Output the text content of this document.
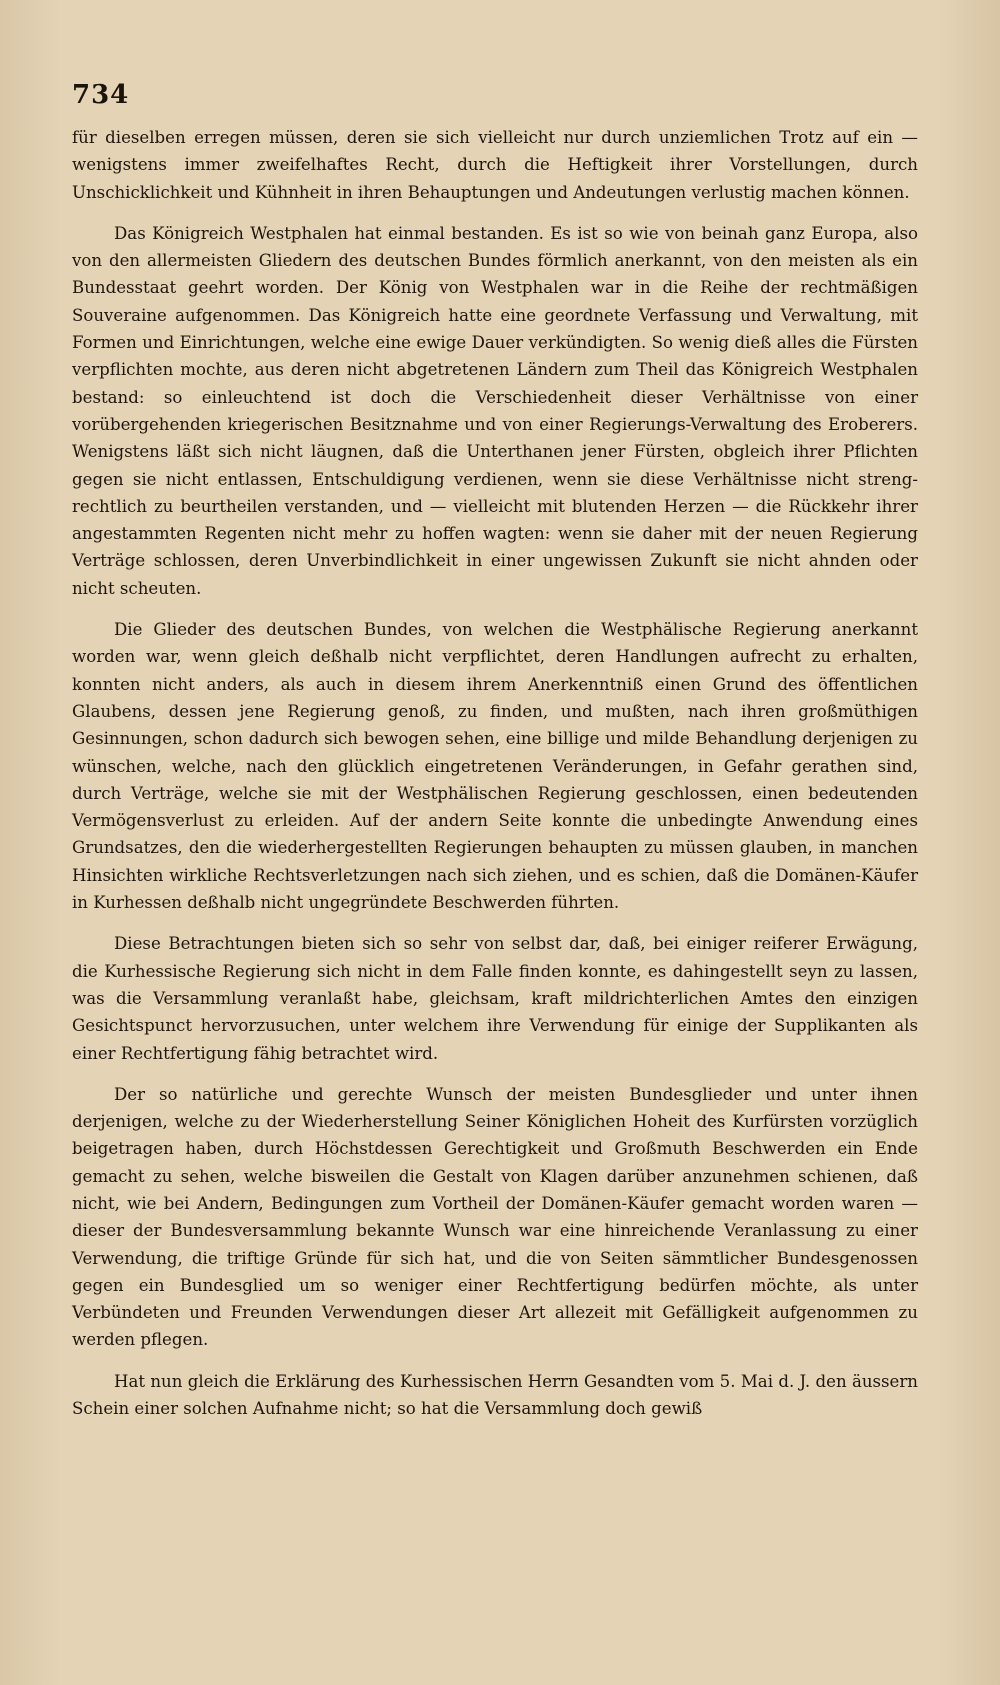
734

für dieselben erregen müssen, deren sie sich vielleicht nur durch unziemlichen Trotz auf ein — wenigstens immer zweifelhaftes Recht, durch die Heftigkeit ihrer Vorstellungen, durch Unschicklichkeit und Kühnheit in ihren Behauptungen und Andeutungen verlustig machen können.

Das Königreich Westphalen hat einmal bestanden. Es ist so wie von beinah ganz Europa, also von den allermeisten Gliedern des deutschen Bundes förmlich anerkannt, von den meisten als ein Bundesstaat geehrt worden. Der König von Westphalen war in die Reihe der rechtmäßigen Souveraine aufgenommen. Das Königreich hatte eine geordnete Verfassung und Verwaltung, mit Formen und Einrichtungen, welche eine ewige Dauer verkündigten. So wenig dieß alles die Fürsten verpflichten mochte, aus deren nicht abgetretenen Ländern zum Theil das Königreich Westphalen bestand: so einleuchtend ist doch die Verschiedenheit dieser Verhältnisse von einer vorübergehenden kriegerischen Besitznahme und von einer Regierungs-Verwaltung des Eroberers. Wenigstens läßt sich nicht läugnen, daß die Unterthanen jener Fürsten, obgleich ihrer Pflichten gegen sie nicht entlassen, Entschuldigung verdienen, wenn sie diese Verhältnisse nicht streng-rechtlich zu beurtheilen verstanden, und — vielleicht mit blutenden Herzen — die Rückkehr ihrer angestammten Regenten nicht mehr zu hoffen wagten: wenn sie daher mit der neuen Regierung Verträge schlossen, deren Unverbindlichkeit in einer ungewissen Zukunft sie nicht ahnden oder nicht scheuten.

Die Glieder des deutschen Bundes, von welchen die Westphälische Regierung anerkannt worden war, wenn gleich deßhalb nicht verpflichtet, deren Handlungen aufrecht zu erhalten, konnten nicht anders, als auch in diesem ihrem Anerkenntniß einen Grund des öffentlichen Glaubens, dessen jene Regierung genoß, zu finden, und mußten, nach ihren großmüthigen Gesinnungen, schon dadurch sich bewogen sehen, eine billige und milde Behandlung derjenigen zu wünschen, welche, nach den glücklich eingetretenen Veränderungen, in Gefahr gerathen sind, durch Verträge, welche sie mit der Westphälischen Regierung geschlossen, einen bedeutenden Vermögensverlust zu erleiden. Auf der andern Seite konnte die unbedingte Anwendung eines Grundsatzes, den die wiederhergestellten Regierungen behaupten zu müssen glauben, in manchen Hinsichten wirkliche Rechtsverletzungen nach sich ziehen, und es schien, daß die Domänen-Käufer in Kurhessen deßhalb nicht ungegründete Beschwerden führten.

Diese Betrachtungen bieten sich so sehr von selbst dar, daß, bei einiger reiferer Erwägung, die Kurhessische Regierung sich nicht in dem Falle finden konnte, es dahingestellt seyn zu lassen, was die Versammlung veranlaßt habe, gleichsam, kraft mildrichterlichen Amtes den einzigen Gesichtspunct hervorzusuchen, unter welchem ihre Verwendung für einige der Supplikanten als einer Rechtfertigung fähig betrachtet wird.

Der so natürliche und gerechte Wunsch der meisten Bundesglieder und unter ihnen derjenigen, welche zu der Wiederherstellung Seiner Königlichen Hoheit des Kurfürsten vorzüglich beigetragen haben, durch Höchstdessen Gerechtigkeit und Großmuth Beschwerden ein Ende gemacht zu sehen, welche bisweilen die Gestalt von Klagen darüber anzunehmen schienen, daß nicht, wie bei Andern, Bedingungen zum Vortheil der Domänen-Käufer gemacht worden waren — dieser der Bundesversammlung bekannte Wunsch war eine hinreichende Veranlassung zu einer Verwendung, die triftige Gründe für sich hat, und die von Seiten sämmtlicher Bundesgenossen gegen ein Bundesglied um so weniger einer Rechtfertigung bedürfen möchte, als unter Verbündeten und Freunden Verwendungen dieser Art allezeit mit Gefälligkeit aufgenommen zu werden pflegen.

Hat nun gleich die Erklärung des Kurhessischen Herrn Gesandten vom 5. Mai d. J. den äussern Schein einer solchen Aufnahme nicht; so hat die Versammlung doch gewiß
